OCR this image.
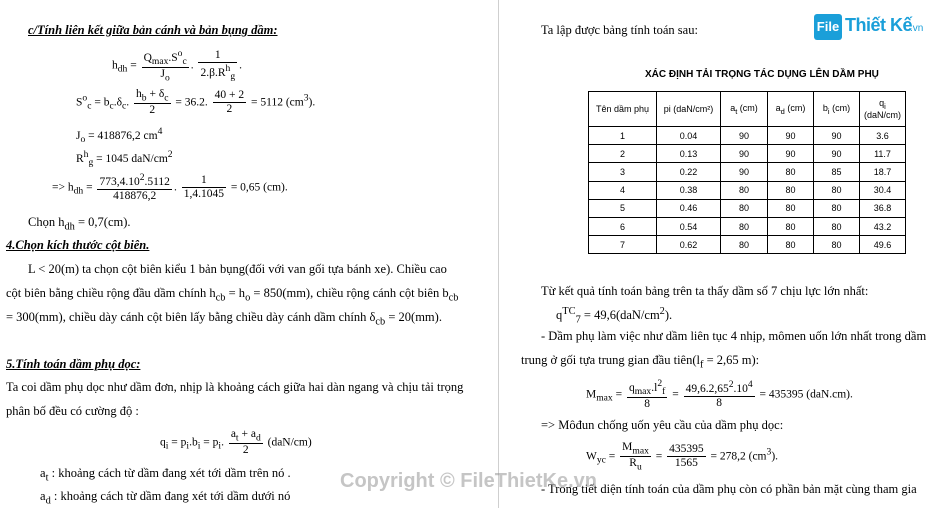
c/Tính liên kết giữa bản cánh và bản bụng dầm:
$h_{dh} = \frac{Q_{max}.S^o_c}{J_o}$ . $\frac{1}{2.\beta.R^h_g}$ .
$S^o_c = b_c.\delta_c$. $\frac{h_b + \delta_c}{2} = 36.2$. $\frac{40 + 2}{2} = 5112$ $(cm^3)$.
$J_o = 418876,2$ $cm^4$
$R^h_g = 1045$ daN/$cm^2$
=> $h_{dh} = \frac{773,4.10^2.5112}{418876,2}$ . $\frac{1}{1,4.1045} = 0,65$ (cm).
Chọn $h_{dh} = 0,7(cm)$.
4.Chọn kích thước cột biên.
L < 20(m) ta chọn cột biên kiểu 1 bản bụng(đối với van gối tựa bánh xe). Chiều cao
cột biên bằng chiều rộng đầu dầm chính $h_{cb} = h_o = 850(mm)$, chiều rộng cánh cột biên $b_{cb}$
= 300(mm), chiều dày cánh cột biên lấy bằng chiều dày cánh dầm chính $\delta_{cb} = 20(mm)$.
5.Tính toán dầm phụ dọc:
Ta coi dầm phụ dọc như dầm đơn, nhịp là khoảng cách giữa hai dàn ngang và chịu tải trọng
phân bố đều có cường độ :
$q_i = p_i.b_i = p_i$. $\frac{a_t + a_d}{2} (daN/cm)$
$a_t$ : khoảng cách từ dầm đang xét tới dầm trên nó .
$a_d$ : khoảng cách từ dầm đang xét tới dầm dưới nó
Ta lập được bảng tính toán sau:	File Thiết Kế
.vn
XÁC ĐỊNH TẢI TRỌNG TÁC DỤNG LÊN DẦM PHỤ
Tên dầm phụ	pi (daN/cm²)	$a_t$ (cm)	$a_d$ (cm)	$b_i$ (cm)	$q_i$
(daN/cm)
1	0.04	90	90	90	3.6
2	0.13	90	90	90	11.7
3	0.22	90	80	85	18.7
4	0.38	80	80	80	30.4
5	0.46	80	80	80	36.8
6	0.54	80	80	80	43.2
7	0.62	80	80	80	49.6
Từ kết quả tính toán bảng trên ta thấy dầm số 7 chịu lực lớn nhất:
$q^{TC}_7 = 49,6(daN/cm^2)$.
- Dầm phụ làm việc như dầm liên tục 4 nhịp, mômen uốn lớn nhất trong dầm
trung ở gối tựa trung gian đầu $tiên(l_f = 2,65$ m):
$M_{max} = \frac{q_{max}.l^2_f}{8} = \frac{49,6.2,65^2.10^4}{8} = 435395$ (daN.cm).
=> Môđun chống uốn yêu cầu của dầm phụ dọc:
$W_{yc} = \frac{M_{max}}{R_u} = \frac{435395}{1565} = 278,2$ $(cm^3)$.
- Trong tiết diện tính toán của dầm phụ còn có phần bản mặt cùng tham gia
Copyright © FileThietKe.vn
